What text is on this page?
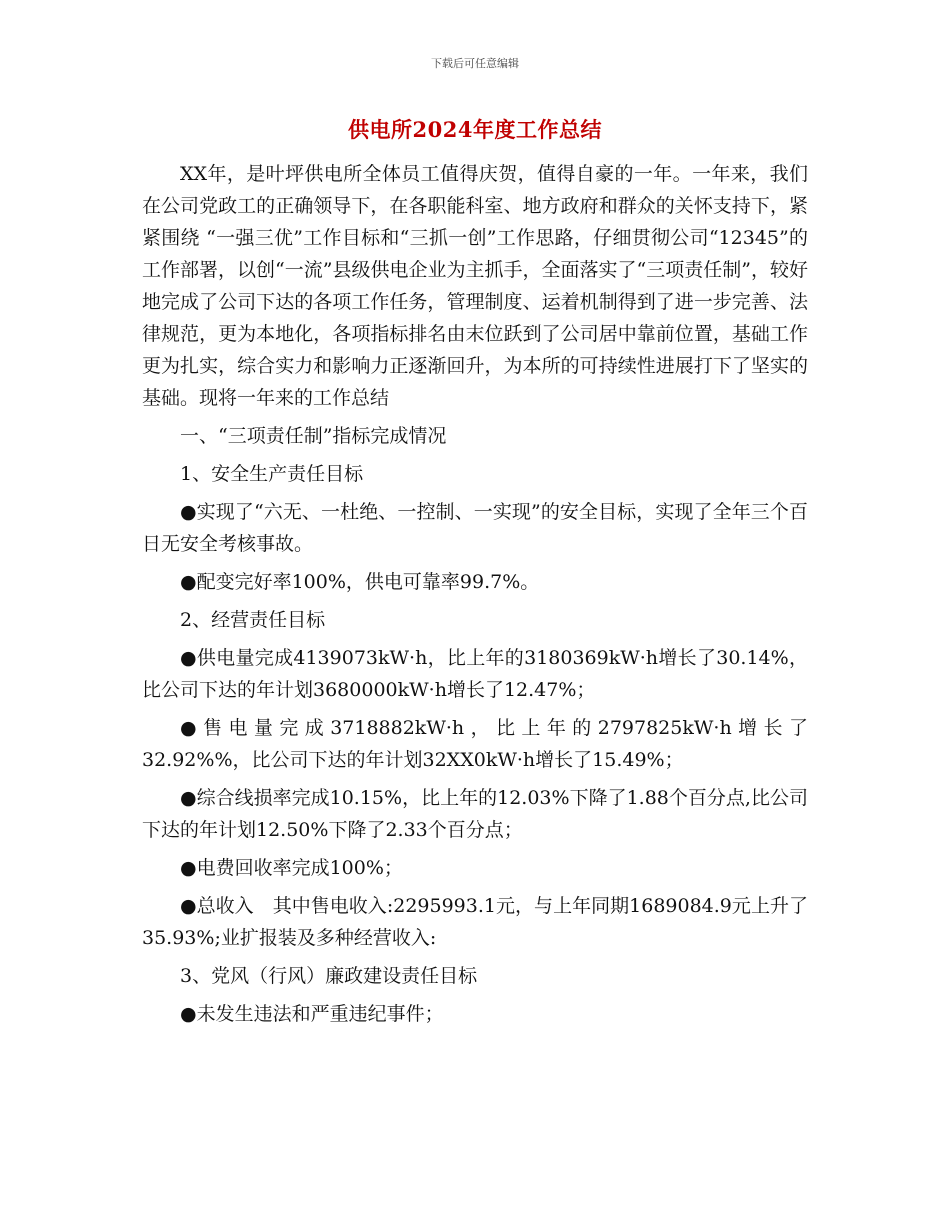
下载后可任意编辑
供电所2024年度工作总结

XX年，是叶坪供电所全体员工值得庆贺，值得自豪的一年。一年来，我们在公司党政工的正确领导下，在各职能科室、地方政府和群众的关怀支持下，紧紧围绕 “一强三优”工作目标和“三抓一创”工作思路，仔细贯彻公司“12345”的工作部署，以创“一流”县级供电企业为主抓手，全面落实了“三项责任制”，较好地完成了公司下达的各项工作任务，管理制度、运着机制得到了进一步完善、法律规范，更为本地化，各项指标排名由末位跃到了公司居中靠前位置，基础工作更为扎实，综合实力和影响力正逐渐回升，为本所的可持续性进展打下了坚实的基础。现将一年来的工作总结

一、“三项责任制”指标完成情况

1、安全生产责任目标

●实现了“六无、一杜绝、一控制、一实现”的安全目标，实现了全年三个百日无安全考核事故。

●配变完好率100%，供电可靠率99.7%。

2、经营责任目标

●供电量完成4139073kW·h，比上年的3180369kW·h增长了30.14%，比公司下达的年计划3680000kW·h增长了12.47%；

●售电量完成3718882kW·h，比上年的2797825kW·h增长了32.92%%，比公司下达的年计划32XX0kW·h增长了15.49%；

●综合线损率完成10.15%，比上年的12.03%下降了1.88个百分点,比公司下达的年计划12.50%下降了2.33个百分点；

●电费回收率完成100%；

●总收入　其中售电收入:2295993.1元，与上年同期1689084.9元上升了35.93%;业扩报装及多种经营收入:

3、党风（行风）廉政建设责任目标

●未发生违法和严重违纪事件；
